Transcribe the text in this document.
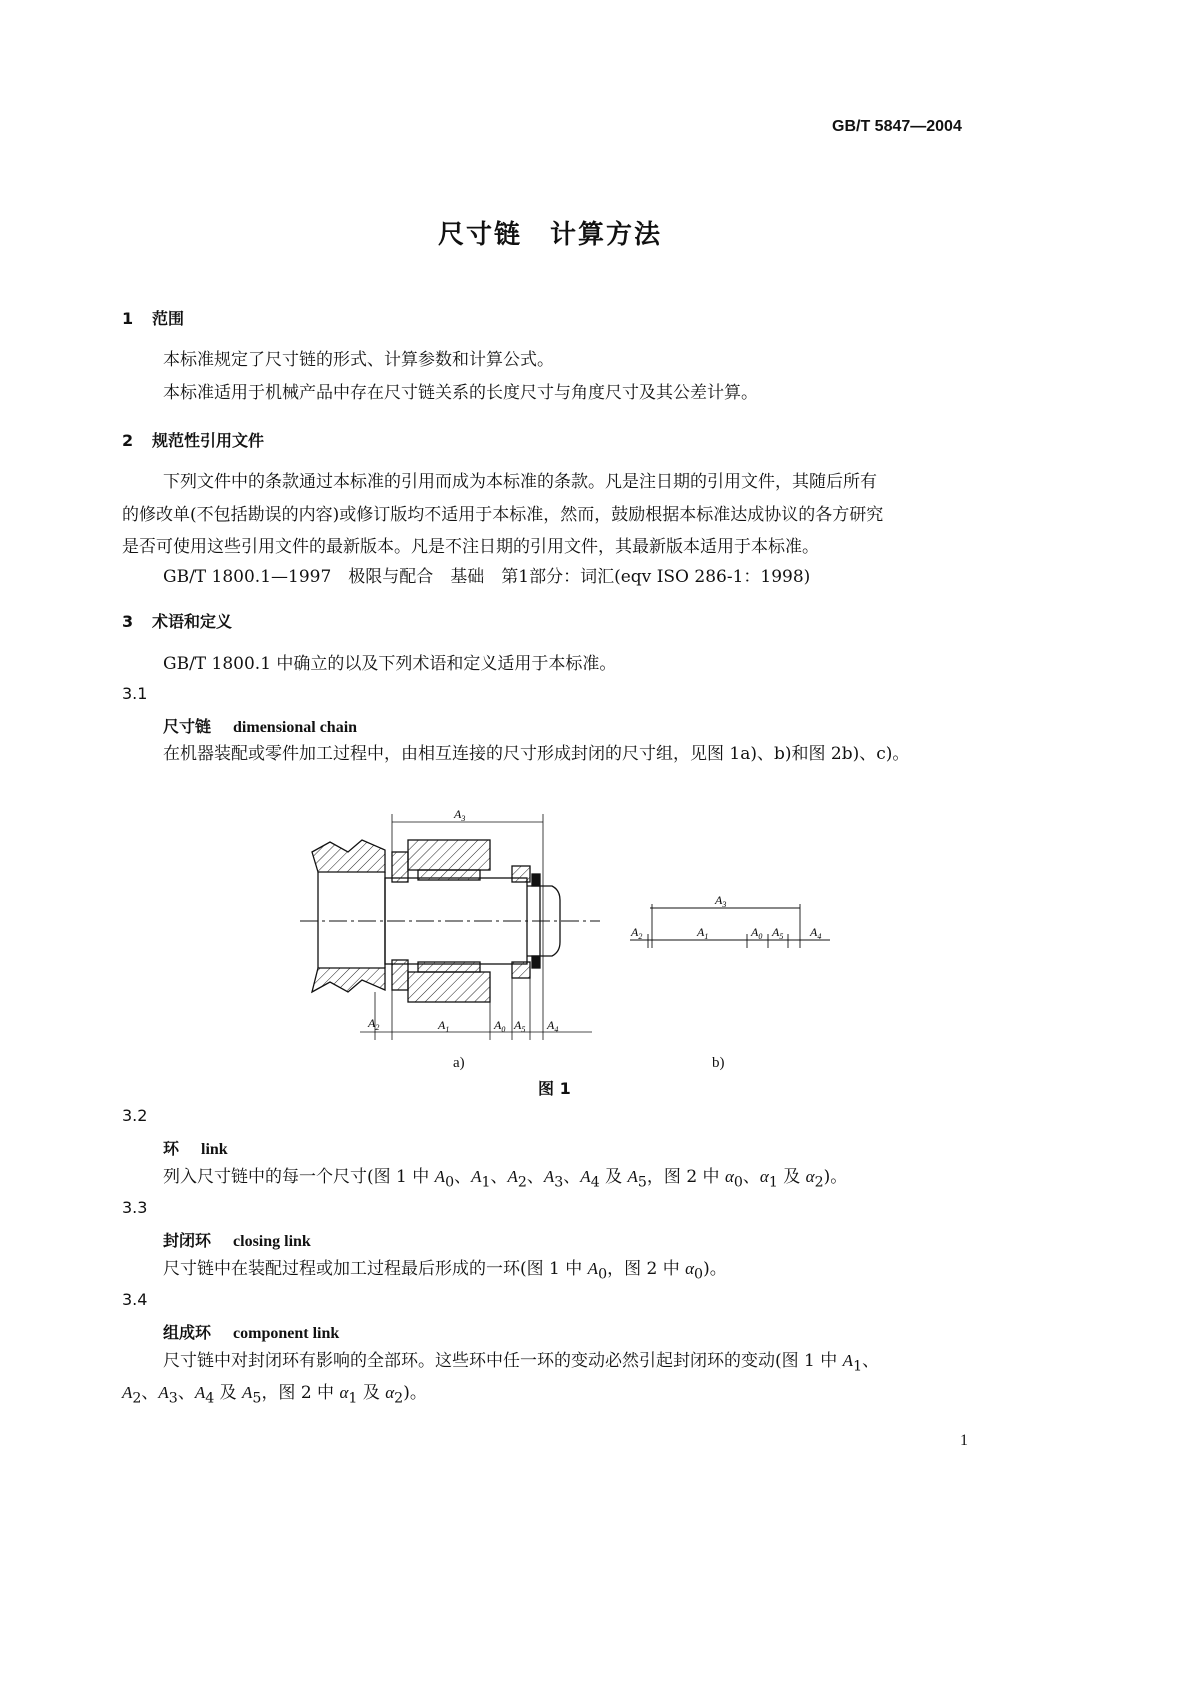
GB/T 5847—2004
尺寸链　计算方法
1 范围
本标准规定了尺寸链的形式、计算参数和计算公式。
本标准适用于机械产品中存在尺寸链关系的长度尺寸与角度尺寸及其公差计算。
2 规范性引用文件
下列文件中的条款通过本标准的引用而成为本标准的条款。凡是注日期的引用文件，其随后所有
的修改单(不包括勘误的内容)或修订版均不适用于本标准，然而，鼓励根据本标准达成协议的各方研究
是否可使用这些引用文件的最新版本。凡是不注日期的引用文件，其最新版本适用于本标准。
GB/T 1800.1—1997　极限与配合　基础　第1部分：词汇(eqv ISO 286-1：1998)
3 术语和定义
GB/T 1800.1 中确立的以及下列术语和定义适用于本标准。
3.1
尺寸链 dimensional chain
在机器装配或零件加工过程中，由相互连接的尺寸形成封闭的尺寸组，见图 1a)、b)和图 2b)、c)。
$A_3$
$A_2$	$A_1$	$A_0$ $A_5$ $A_4$
$A_3$
$A_2$	$A_1$	$A_0$ $A_5$ $A_4$
a)	b)
图 1
3.2
环 link
列入尺寸链中的每一个尺寸(图 1 中 $A_0$、$A_1$、$A_2$、$A_3$、$A_4$ 及 $A_5$，图 2 中 $\alpha_0$、$\alpha_1$ 及 $\alpha_2$)。
3.3
封闭环 closing link
尺寸链中在装配过程或加工过程最后形成的一环(图 1 中 $A_0$，图 2 中 $\alpha_0$)。
3.4
组成环 component link
尺寸链中对封闭环有影响的全部环。这些环中任一环的变动必然引起封闭环的变动(图 1 中 $A_1$、
$A_2$、$A_3$、$A_4$ 及 $A_5$，图 2 中 $\alpha_1$ 及 $\alpha_2$)。
1
